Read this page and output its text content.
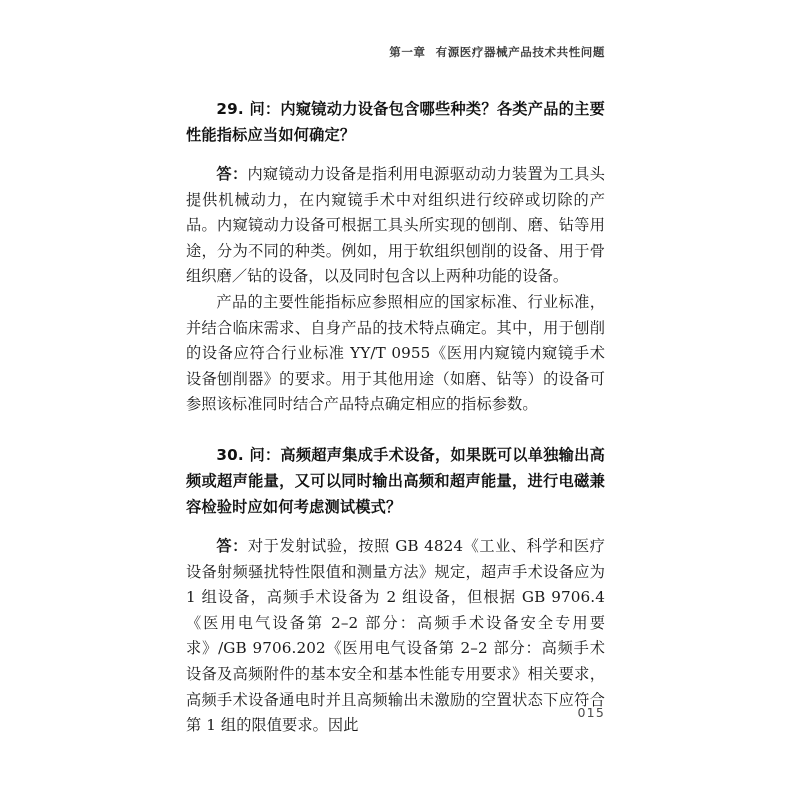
第一章 有源医疗器械产品技术共性问题

29. 问：内窥镜动力设备包含哪些种类？各类产品的主要性能指标应当如何确定？

答：内窥镜动力设备是指利用电源驱动动力装置为工具头提供机械动力，在内窥镜手术中对组织进行绞碎或切除的产品。内窥镜动力设备可根据工具头所实现的刨削、磨、钻等用途，分为不同的种类。例如，用于软组织刨削的设备、用于骨组织磨／钻的设备，以及同时包含以上两种功能的设备。

产品的主要性能指标应参照相应的国家标准、行业标准，并结合临床需求、自身产品的技术特点确定。其中，用于刨削的设备应符合行业标准 YY/T 0955《医用内窥镜内窥镜手术设备刨削器》的要求。用于其他用途（如磨、钻等）的设备可参照该标准同时结合产品特点确定相应的指标参数。

30. 问：高频超声集成手术设备，如果既可以单独输出高频或超声能量，又可以同时输出高频和超声能量，进行电磁兼容检验时应如何考虑测试模式？

答：对于发射试验，按照 GB 4824《工业、科学和医疗设备射频骚扰特性限值和测量方法》规定，超声手术设备应为 1 组设备，高频手术设备为 2 组设备，但根据 GB 9706.4《医用电气设备第 2–2 部分：高频手术设备安全专用要求》/GB 9706.202《医用电气设备第 2–2 部分：高频手术设备及高频附件的基本安全和基本性能专用要求》相关要求，高频手术设备通电时并且高频输出未激励的空置状态下应符合第 1 组的限值要求。因此

015
